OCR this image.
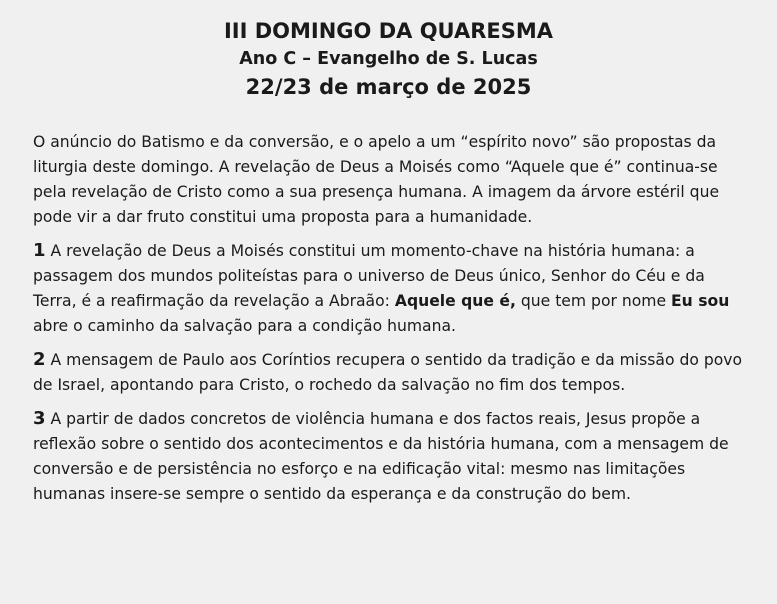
III DOMINGO DA QUARESMA

Ano C – Evangelho de S. Lucas

22/23 de março de 2025

O anúncio do Batismo e da conversão, e o apelo a um “espírito novo” são propostas da liturgia deste domingo. A revelação de Deus a Moisés como “Aquele que é” continua-se pela revelação de Cristo como a sua presença humana. A imagem da árvore estéril que pode vir a dar fruto constitui uma proposta para a humanidade.

1 A revelação de Deus a Moisés constitui um momento-chave na história humana: a passagem dos mundos politeístas para o universo de Deus único, Senhor do Céu e da Terra, é a reafirmação da revelação a Abraão: Aquele que é, que tem por nome Eu sou abre o caminho da salvação para a condição humana.

2 A mensagem de Paulo aos Coríntios recupera o sentido da tradição e da missão do povo de Israel, apontando para Cristo, o rochedo da salvação no fim dos tempos.

3 A partir de dados concretos de violência humana e dos factos reais, Jesus propõe a reflexão sobre o sentido dos acontecimentos e da história humana, com a mensagem de conversão e de persistência no esforço e na edificação vital: mesmo nas limitações humanas insere-se sempre o sentido da esperança e da construção do bem.
